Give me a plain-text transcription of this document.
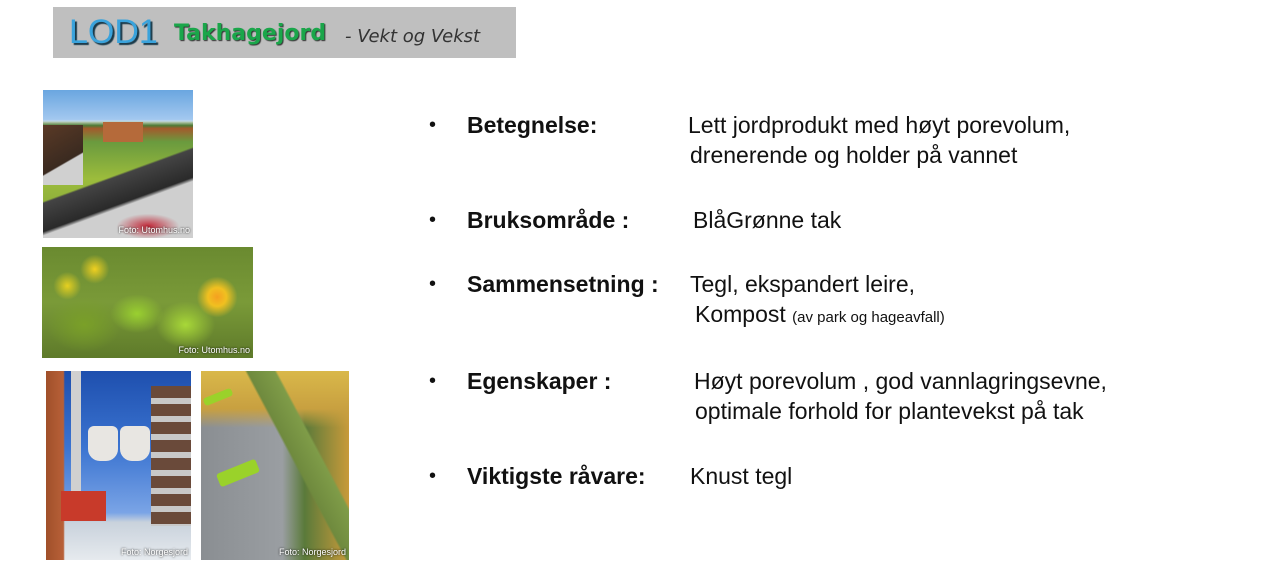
LOD1 Takhagejord - Vekt og Vekst
Foto: Utomhus.no
Foto: Utomhus.no
Foto: Norgesjord	Foto: Norgesjord
• Betegnelse:	Lett jordprodukt med høyt porevolum,
drenerende og holder på vannet
• Bruksområde :	BlåGrønne tak
• Sammensetning : Tegl, ekspandert leire,
Kompost (av park og hageavfall)
• Egenskaper :	Høyt porevolum , god vannlagringsevne,
optimale forhold for plantevekst på tak
• Viktigste råvare: Knust tegl
